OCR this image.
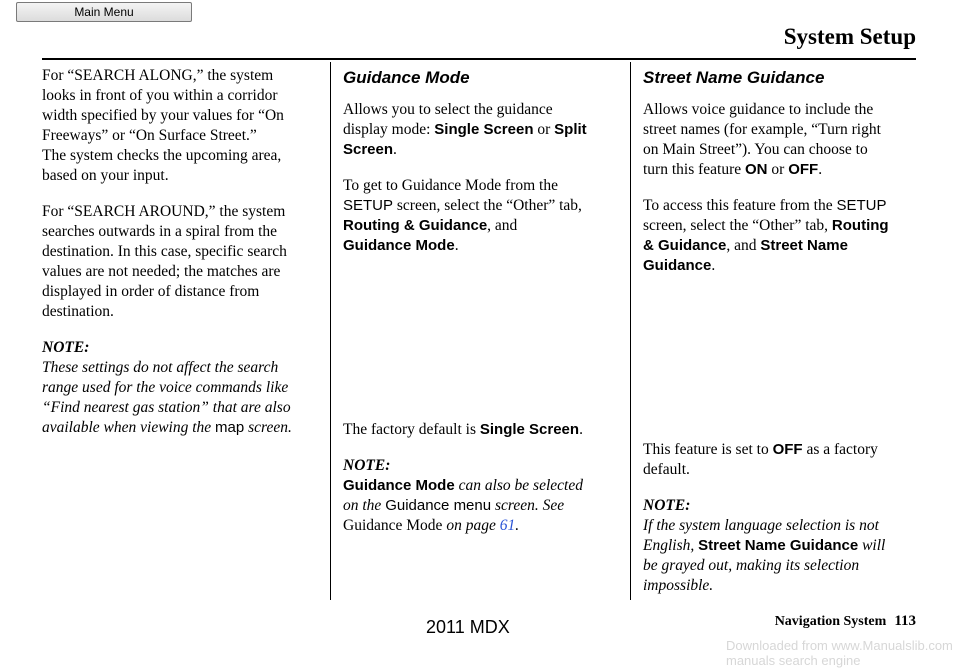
Main Menu
System Setup

For “SEARCH ALONG,” the system
looks in front of you within a corridor
width specified by your values for “On
Freeways” or “On Surface Street.”
The system checks the upcoming area,
based on your input.

For “SEARCH AROUND,” the system
searches outwards in a spiral from the
destination. In this case, specific search
values are not needed; the matches are
displayed in order of distance from
destination.

NOTE:

These settings do not affect the search
range used for the voice commands like
“Find nearest gas station” that are also
available when viewing the map screen.

Guidance Mode

Allows you to select the guidance
display mode: Single Screen or Split
Screen.

To get to Guidance Mode from the
SETUP screen, select the “Other” tab,
Routing & Guidance, and
Guidance Mode.

The factory default is Single Screen.

NOTE:

Guidance Mode can also be selected
on the Guidance menu screen. See
Guidance Mode on page 61.

Street Name Guidance

Allows voice guidance to include the
street names (for example, “Turn right
on Main Street”). You can choose to
turn this feature ON or OFF.

To access this feature from the SETUP
screen, select the “Other” tab, Routing
& Guidance, and Street Name
Guidance.

This feature is set to OFF as a factory
default.

NOTE:

If the system language selection is not
English, Street Name Guidance will
be grayed out, making its selection
impossible.

Navigation System 113
2011 MDX
Downloaded from www.Manualslib.com manuals search engine
